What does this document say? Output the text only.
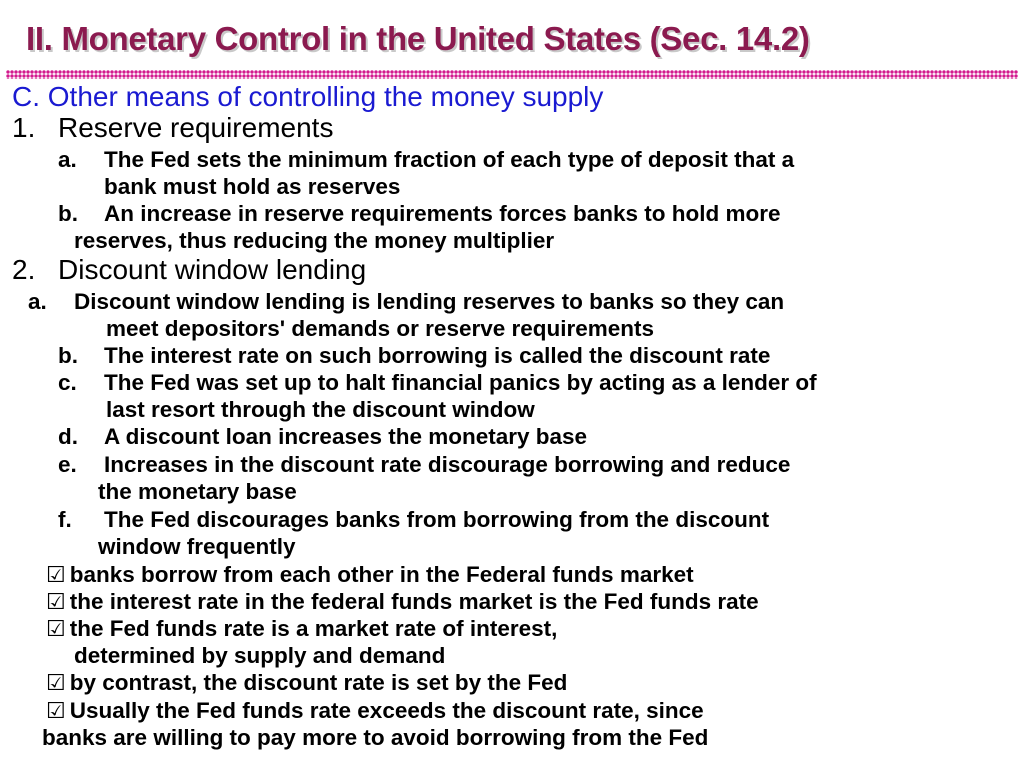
II. Monetary Control in the United States (Sec. 14.2)
C. Other means of controlling the money supply
1. Reserve requirements
a. The Fed sets the minimum fraction of each type of deposit that a
bank must hold as reserves
b. An increase in reserve requirements forces banks to hold more
reserves, thus reducing the money multiplier
2. Discount window lending
a. Discount window lending is lending reserves to banks so they can
meet depositors' demands or reserve requirements
b. The interest rate on such borrowing is called the discount rate
c. The Fed was set up to halt financial panics by acting as a lender of
last resort through the discount window
d. A discount loan increases the monetary base
e. Increases in the discount rate discourage borrowing and reduce
the monetary base
f. The Fed discourages banks from borrowing from the discount
window frequently
☑ banks borrow from each other in the Federal funds market
☑ the interest rate in the federal funds market is the Fed funds rate
☑ the Fed funds rate is a market rate of interest,
determined by supply and demand
☑ by contrast, the discount rate is set by the Fed
☑ Usually the Fed funds rate exceeds the discount rate, since
banks are willing to pay more to avoid borrowing from the Fed
